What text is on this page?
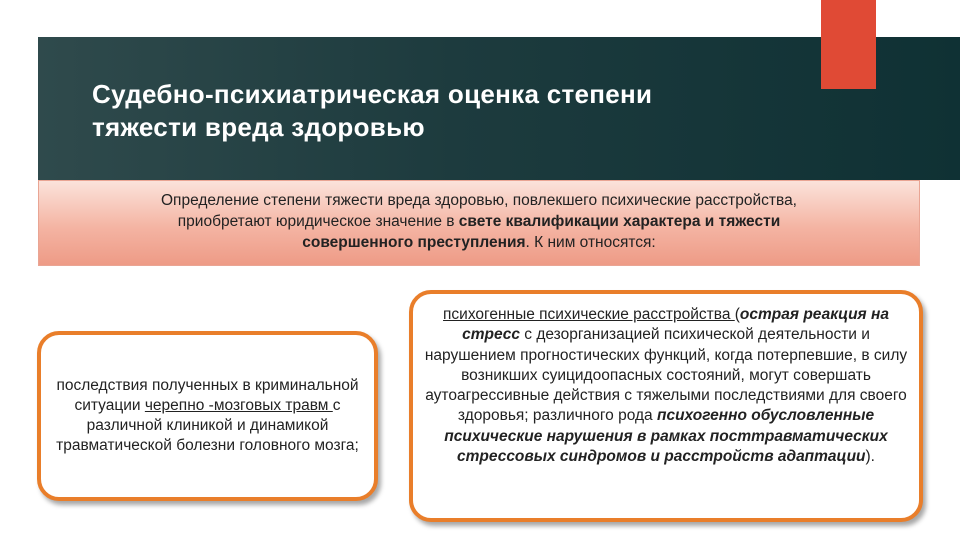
Судебно-психиатрическая оценка степени
тяжести вреда здоровью
Определение степени тяжести вреда здоровью, повлекшего психические расстройства,
приобретают юридическое значение в свете квалификации характера и тяжести
совершенного преступления. К ним относятся:
последствия полученных в криминальной ситуации черепно -мозговых травм с различной клиникой и динамикой травматической болезни головного мозга;
психогенные психические расстройства (острая реакция на стресс с дезорганизацией психической деятельности и нарушением прогностических функций, когда потерпевшие, в силу возникших суицидоопасных состояний, могут совершать аутоагрессивные действия с тяжелыми последствиями для своего здоровья; различного рода психогенно обусловленные психические нарушения в рамках посттравматических стрессовых синдромов и расстройств адаптации).
